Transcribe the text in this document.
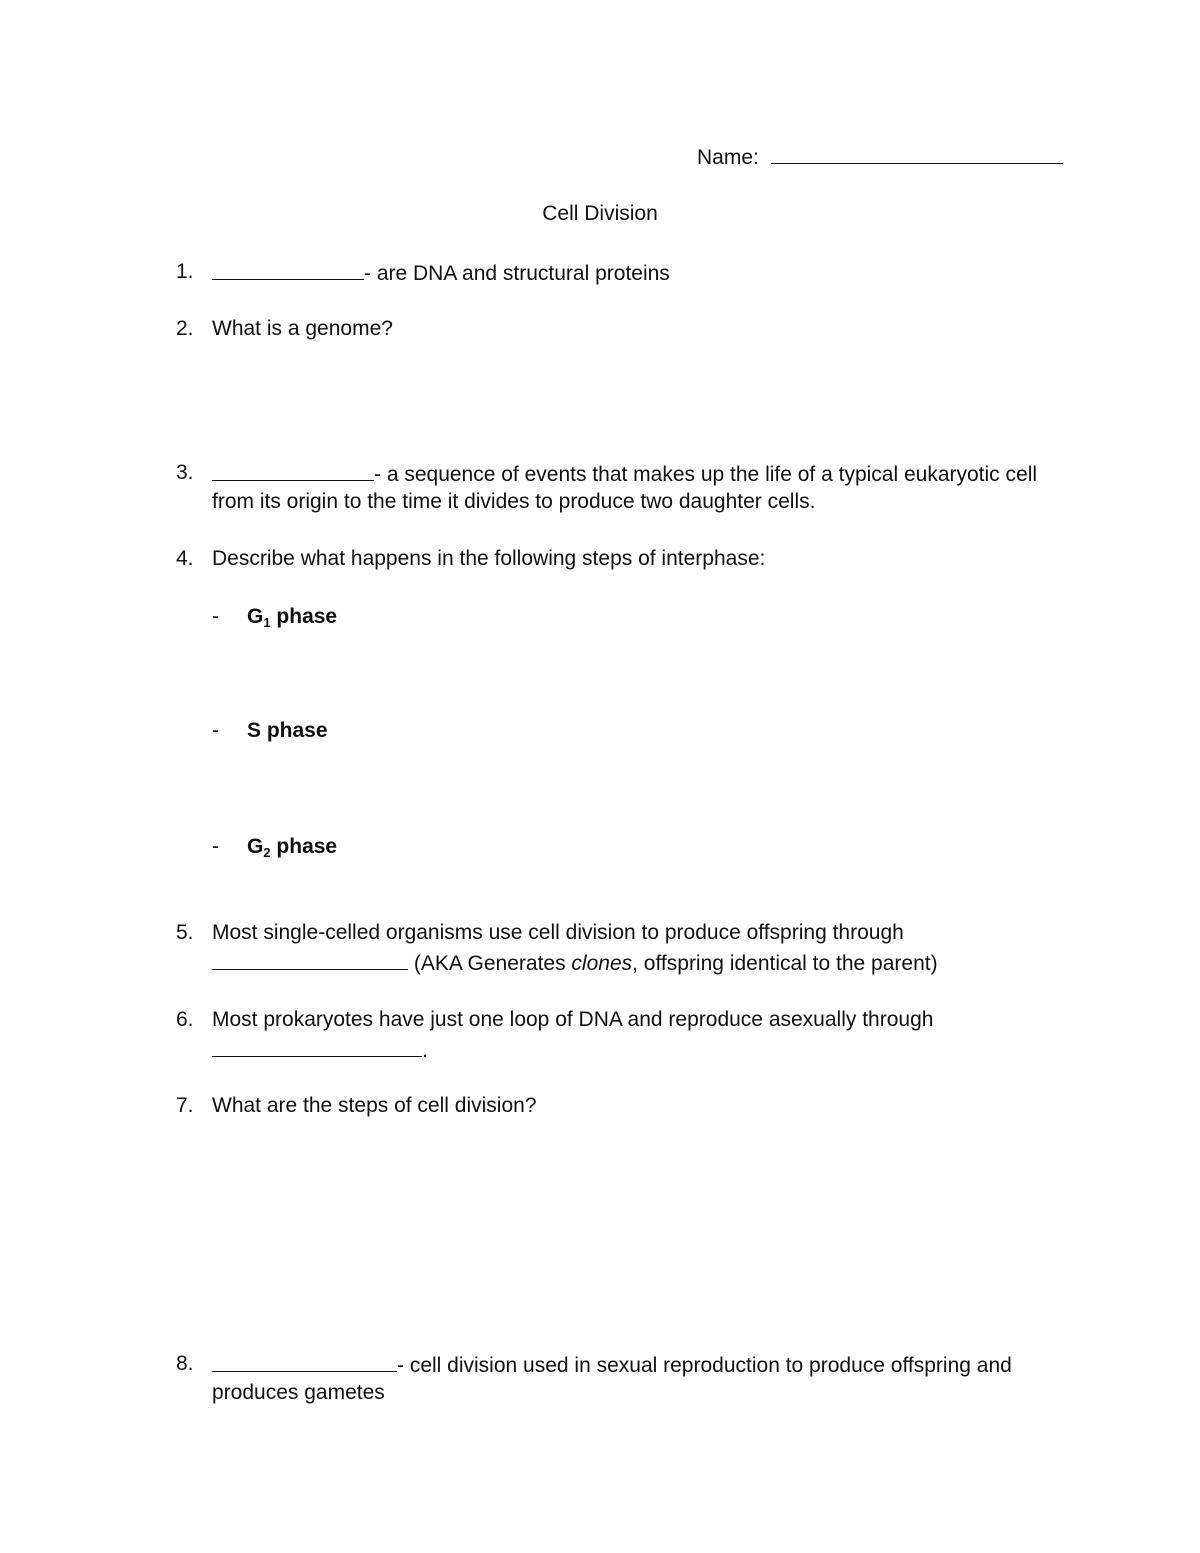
Name:
Cell Division
1.	- are DNA and structural proteins
2. What is a genome?
3.	- a sequence of events that makes up the life of a typical eukaryotic cell
from its origin to the time it divides to produce two daughter cells.
4. Describe what happens in the following steps of interphase:
- G1 phase
- S phase
- G2 phase
5. Most single-celled organisms use cell division to produce offspring through
(AKA Generates clones, offspring identical to the parent)
6. Most prokaryotes have just one loop of DNA and reproduce asexually through
.
7. What are the steps of cell division?
8.	- cell division used in sexual reproduction to produce offspring and
produces gametes
